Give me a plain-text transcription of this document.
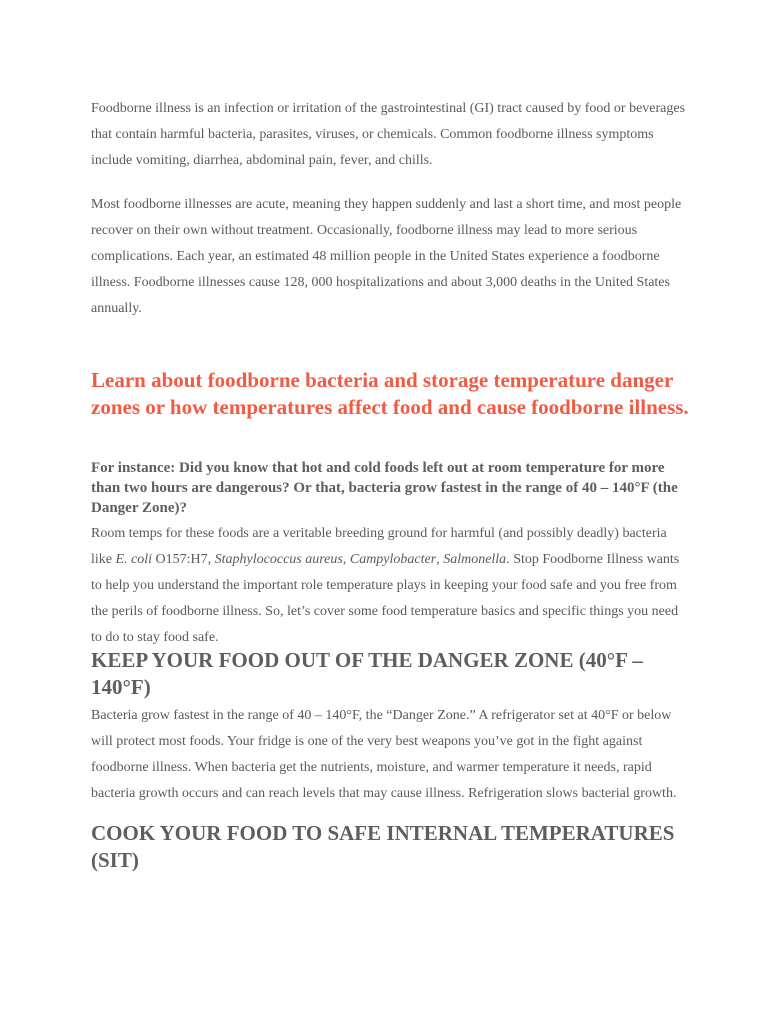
Foodborne illness is an infection or irritation of the gastrointestinal (GI) tract caused by food or beverages that contain harmful bacteria, parasites, viruses, or chemicals. Common foodborne illness symptoms include vomiting, diarrhea, abdominal pain, fever, and chills.

Most foodborne illnesses are acute, meaning they happen suddenly and last a short time, and most people recover on their own without treatment. Occasionally, foodborne illness may lead to more serious complications. Each year, an estimated 48 million people in the United States experience a foodborne illness. Foodborne illnesses cause 128, 000 hospitalizations and about 3,000 deaths in the United States annually.

Learn about foodborne bacteria and storage temperature danger zones or how temperatures affect food and cause foodborne illness.
For instance: Did you know that hot and cold foods left out at room temperature for more than two hours are dangerous? Or that, bacteria grow fastest in the range of 40 – 140°F (the Danger Zone)?

Room temps for these foods are a veritable breeding ground for harmful (and possibly deadly) bacteria like E. coli O157:H7, Staphylococcus aureus, Campylobacter, Salmonella. Stop Foodborne Illness wants to help you understand the important role temperature plays in keeping your food safe and you free from the perils of foodborne illness. So, let’s cover some food temperature basics and specific things you need to do to stay food safe.

KEEP YOUR FOOD OUT OF THE DANGER ZONE (40°F – 140°F)

Bacteria grow fastest in the range of 40 – 140°F, the “Danger Zone.” A refrigerator set at 40°F or below will protect most foods. Your fridge is one of the very best weapons you’ve got in the fight against foodborne illness. When bacteria get the nutrients, moisture, and warmer temperature it needs, rapid bacteria growth occurs and can reach levels that may cause illness. Refrigeration slows bacterial growth.

COOK YOUR FOOD TO SAFE INTERNAL TEMPERATURES (SIT)
